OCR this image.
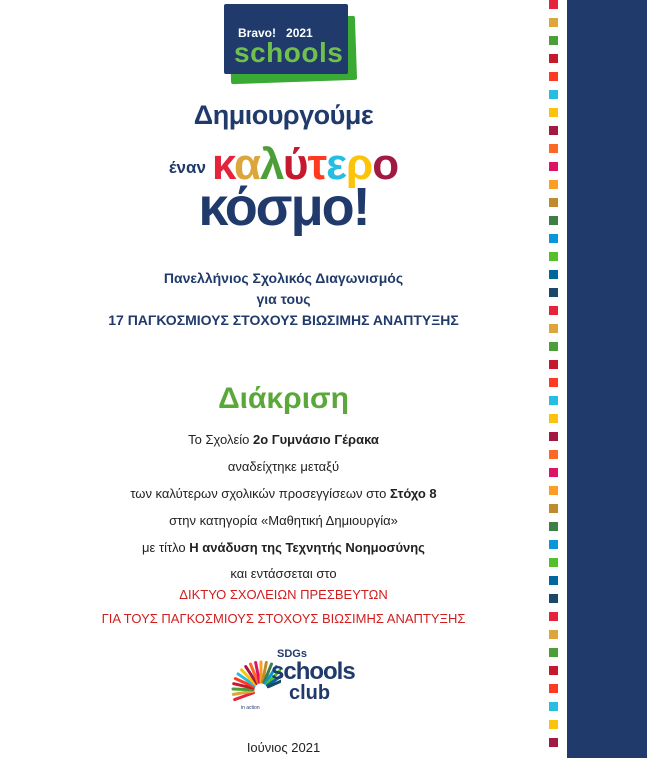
Bravo! 2021
schools
Δημιουργούμε
έναν καλύτερο
κόσμο!
Πανελλήνιος Σχολικός Διαγωνισμός
για τους
17 ΠΑΓΚΟΣΜΙΟΥΣ ΣΤΟΧΟΥΣ ΒΙΩΣΙΜΗΣ ΑΝΑΠΤΥΞΗΣ
Διάκριση
Το Σχολείο 2ο Γυμνάσιο Γέρακα
αναδείχτηκε μεταξύ
των καλύτερων σχολικών προσεγγίσεων στο Στόχο 8
στην κατηγορία «Μαθητική Δημιουργία»
με τίτλο Η ανάδυση της Τεχνητής Νοημοσύνης
και εντάσσεται στο
ΔΙΚΤΥΟ ΣΧΟΛΕΙΩΝ ΠΡΕΣΒΕΥΤΩΝ
ΓΙΑ ΤΟΥΣ ΠΑΓΚΟΣΜΙΟΥΣ ΣΤΟΧΟΥΣ ΒΙΩΣΙΜΗΣ ΑΝΑΠΤΥΞΗΣ
SDGs
schools
club
in action
Ιούνιος 2021
